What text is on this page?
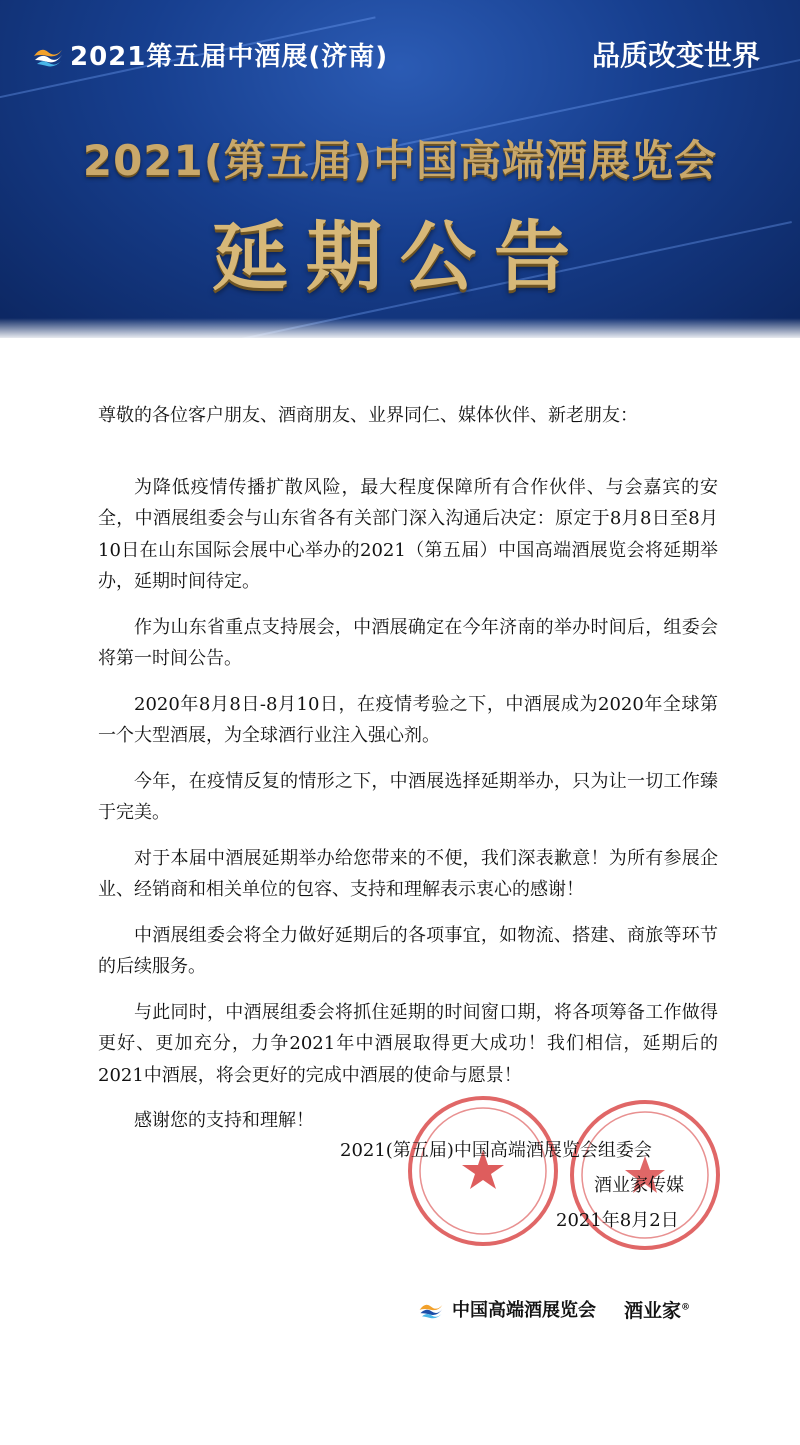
2021第五届中酒展(济南)	品质改变世界
2021(第五届)中国高端酒展览会
延期公告

尊敬的各位客户朋友、酒商朋友、业界同仁、媒体伙伴、新老朋友：

为降低疫情传播扩散风险，最大程度保障所有合作伙伴、与会嘉宾的安全，中酒展组委会与山东省各有关部门深入沟通后决定：原定于8月8日至8月10日在山东国际会展中心举办的2021（第五届）中国高端酒展览会将延期举办，延期时间待定。

作为山东省重点支持展会，中酒展确定在今年济南的举办时间后，组委会将第一时间公告。

2020年8月8日-8月10日，在疫情考验之下，中酒展成为2020年全球第一个大型酒展，为全球酒行业注入强心剂。

今年，在疫情反复的情形之下，中酒展选择延期举办，只为让一切工作臻于完美。

对于本届中酒展延期举办给您带来的不便，我们深表歉意！为所有参展企业、经销商和相关单位的包容、支持和理解表示衷心的感谢！

中酒展组委会将全力做好延期后的各项事宜，如物流、搭建、商旅等环节的后续服务。

与此同时，中酒展组委会将抓住延期的时间窗口期，将各项筹备工作做得更好、更加充分，力争2021年中酒展取得更大成功！我们相信，延期后的2021中酒展，将会更好的完成中酒展的使命与愿景！

感谢您的支持和理解！

2021(第五届)中国高端酒展览会组委会
酒业家传媒
2021年8月2日
中国高端酒展览会 酒业家®
